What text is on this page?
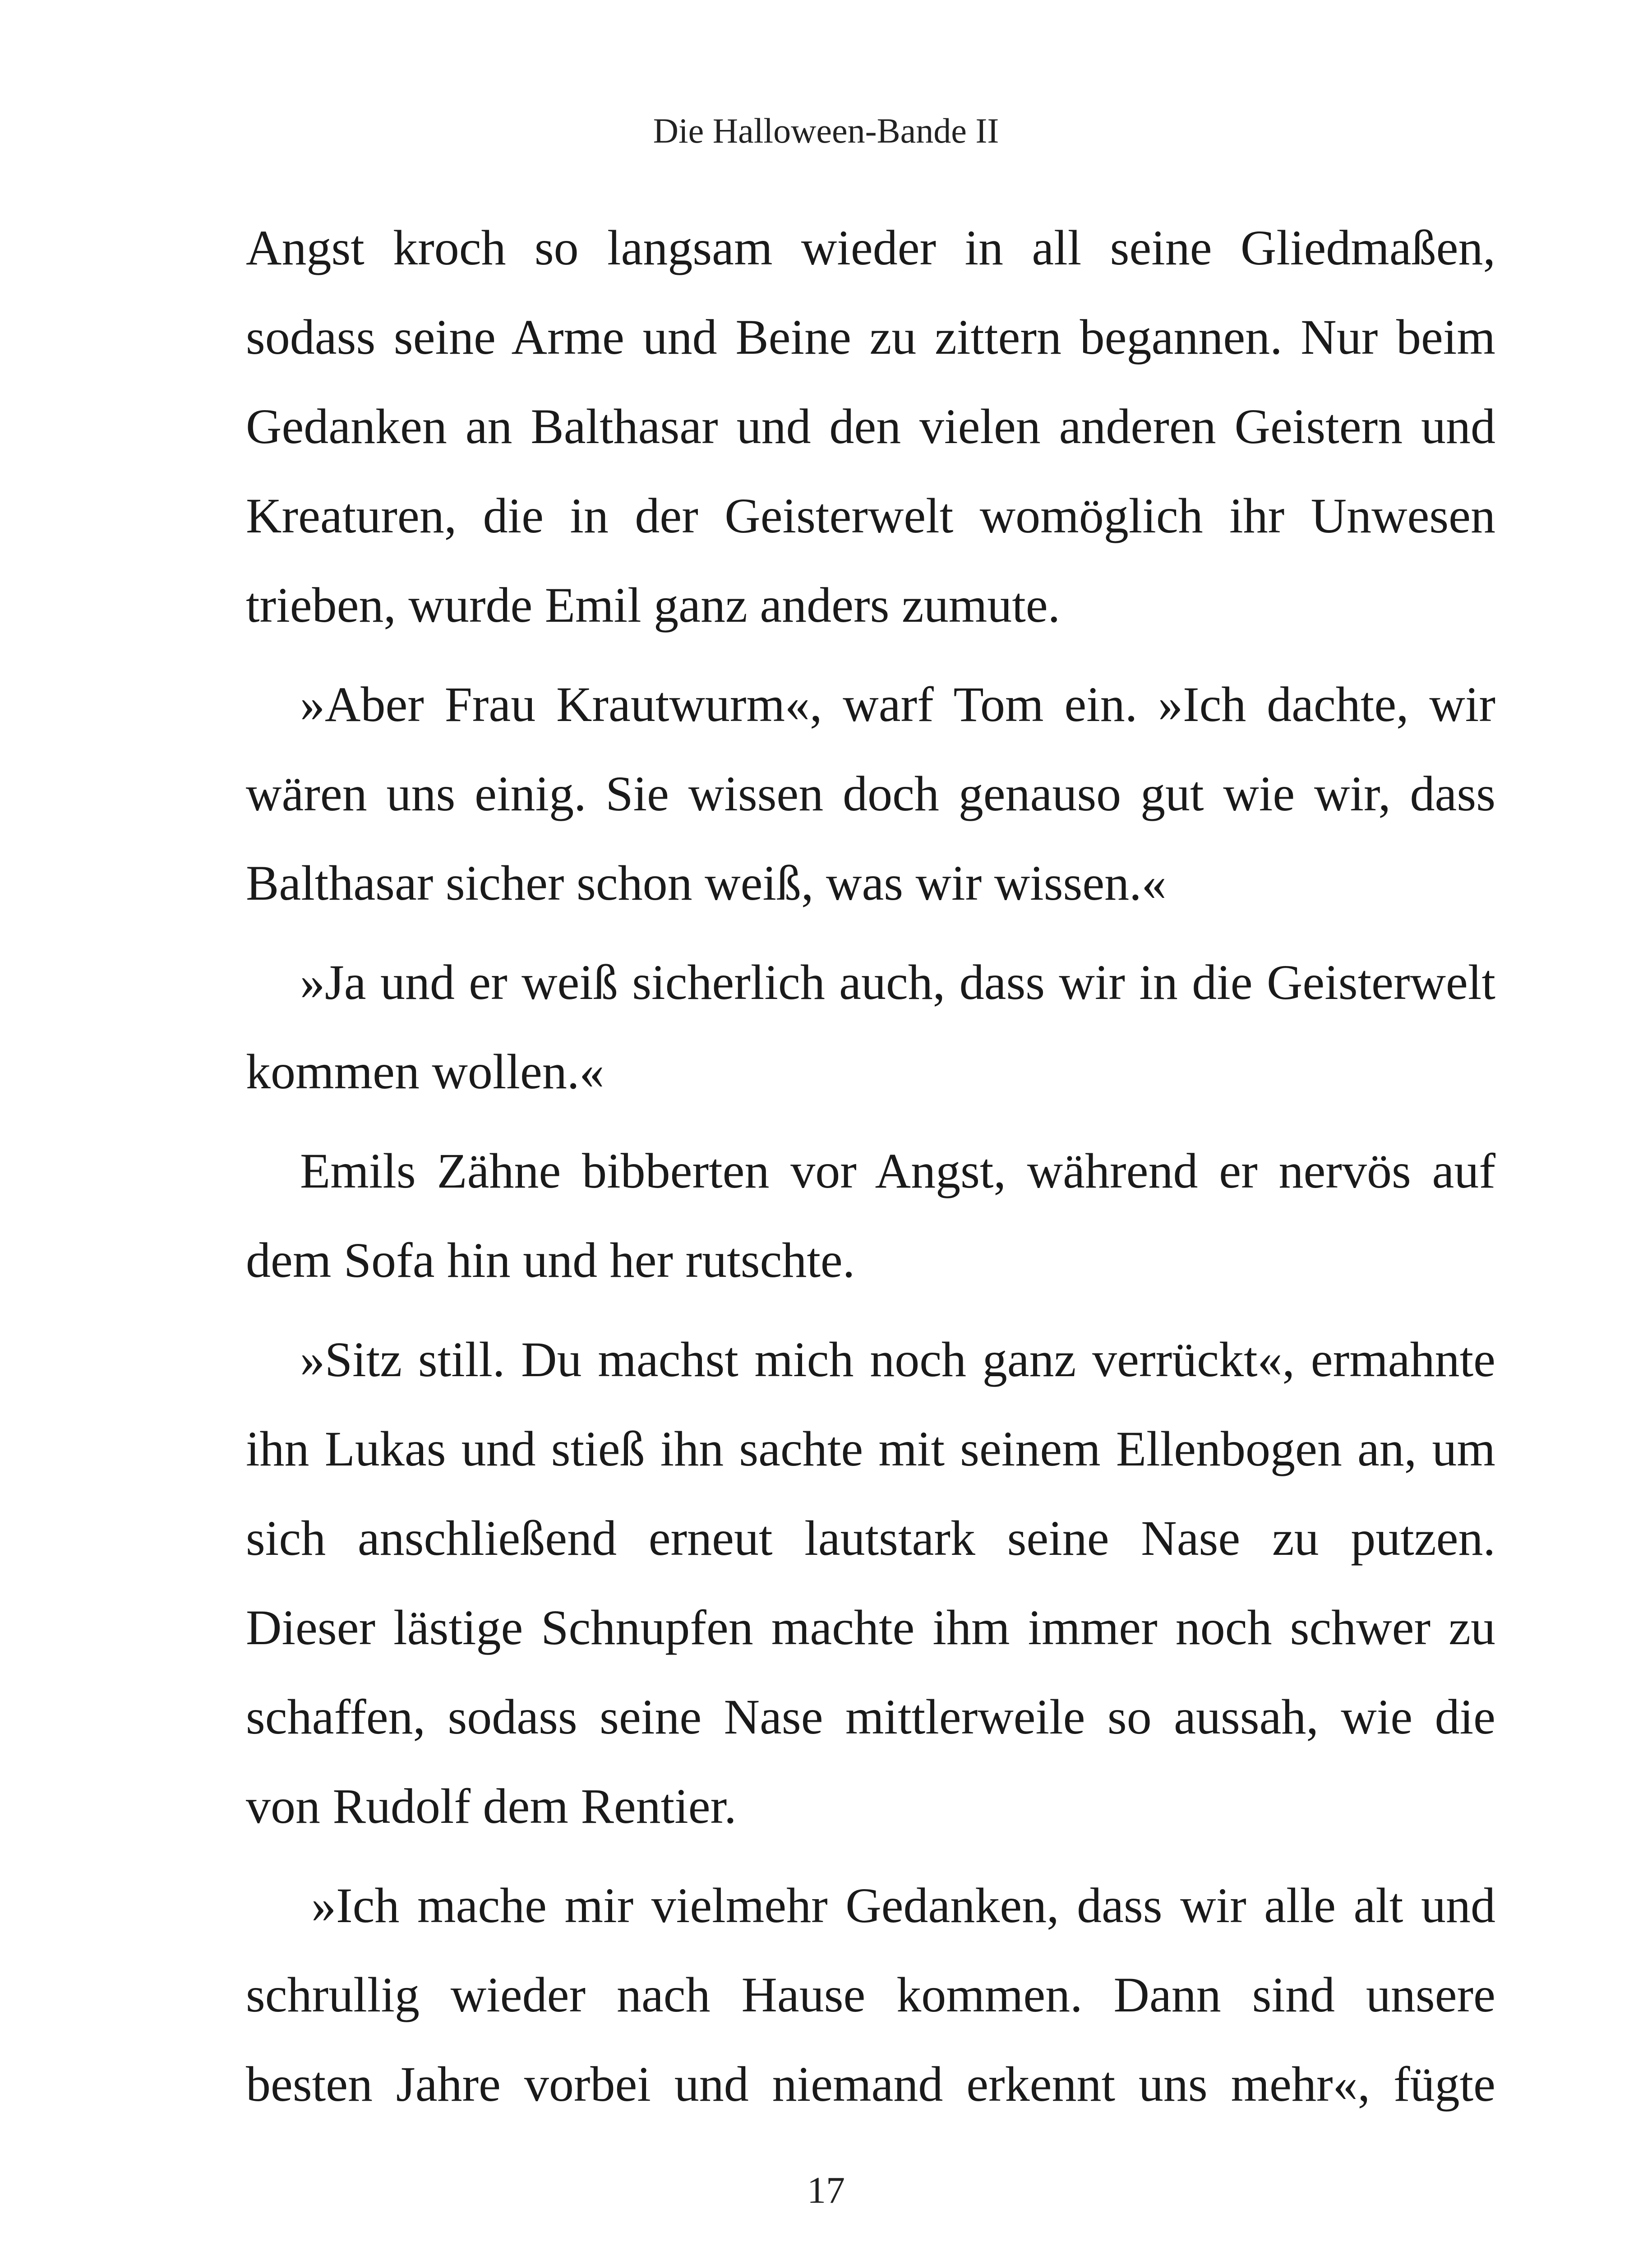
Die Halloween-Bande II

Angst kroch so langsam wieder in all seine Gliedmaßen, sodass seine Arme und Beine zu zittern begannen. Nur beim Gedanken an Balthasar und den vielen anderen Geistern und Kreaturen, die in der Geisterwelt womöglich ihr Unwesen trieben, wurde Emil ganz anders zumute.

»Aber Frau Krautwurm«, warf Tom ein. »Ich dachte, wir wären uns einig. Sie wissen doch genauso gut wie wir, dass Balthasar sicher schon weiß, was wir wissen.«

»Ja und er weiß sicherlich auch, dass wir in die Geisterwelt kommen wollen.«

Emils Zähne bibberten vor Angst, während er nervös auf dem Sofa hin und her rutschte.

»Sitz still. Du machst mich noch ganz verrückt«, ermahnte ihn Lukas und stieß ihn sachte mit seinem Ellenbogen an, um sich anschließend erneut lautstark seine Nase zu putzen. Dieser lästige Schnupfen machte ihm immer noch schwer zu schaffen, sodass seine Nase mittlerweile so aussah, wie die von Rudolf dem Rentier.

»Ich mache mir vielmehr Gedanken, dass wir alle alt und schrullig wieder nach Hause kommen. Dann sind unsere besten Jahre vorbei und niemand erkennt uns mehr«, fügte

17
